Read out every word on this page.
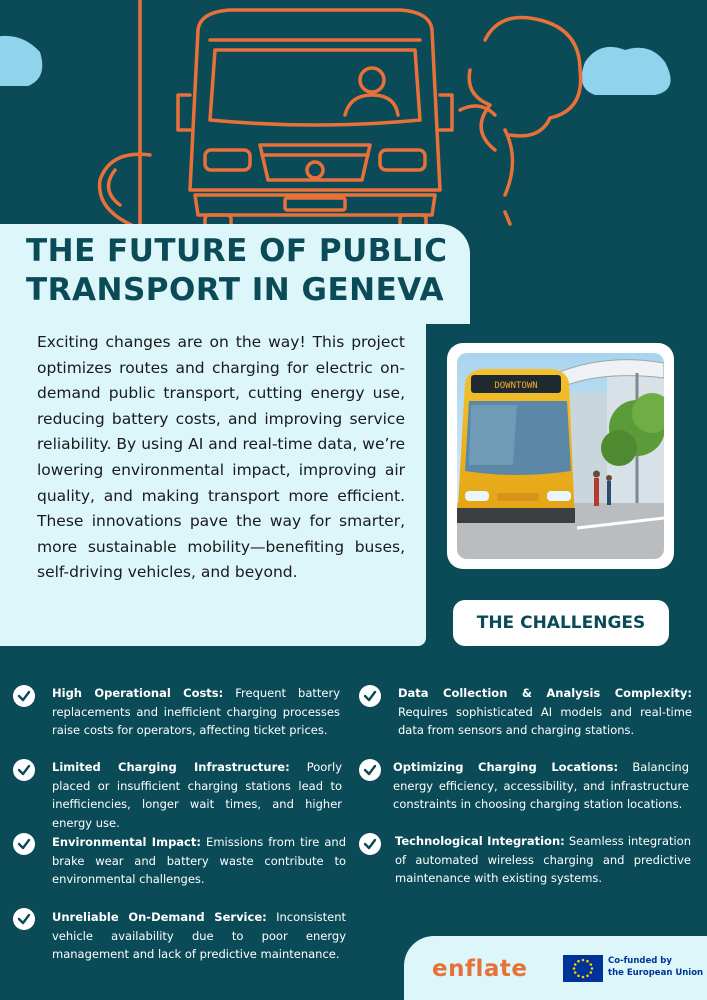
THE FUTURE OF PUBLIC TRANSPORT IN GENEVA

Exciting changes are on the way! This project optimizes routes and charging for electric on-demand public transport, cutting energy use, reducing battery costs, and improving service reliability. By using AI and real-time data, we’re lowering environmental impact, improving air quality, and making transport more efficient. These innovations pave the way for smarter, more sustainable mobility—benefiting buses, self-driving vehicles, and beyond.

DOWNTOWN
THE CHALLENGES
High Operational Costs: Frequent battery replacements and inefficient charging processes raise costs for operators, affecting ticket prices.
Limited Charging Infrastructure: Poorly placed or insufficient charging stations lead to inefficiencies, longer wait times, and higher energy use.
Environmental Impact: Emissions from tire and brake wear and battery waste contribute to environmental challenges.
Unreliable On-Demand Service: Inconsistent vehicle availability due to poor energy management and lack of predictive maintenance.
Data Collection & Analysis Complexity: Requires sophisticated AI models and real-time data from sensors and charging stations.
Optimizing Charging Locations: Balancing energy efficiency, accessibility, and infrastructure constraints in choosing charging station locations.
Technological Integration: Seamless integration of automated wireless charging and predictive maintenance with existing systems.
enflate	Co-funded by
the European Union
